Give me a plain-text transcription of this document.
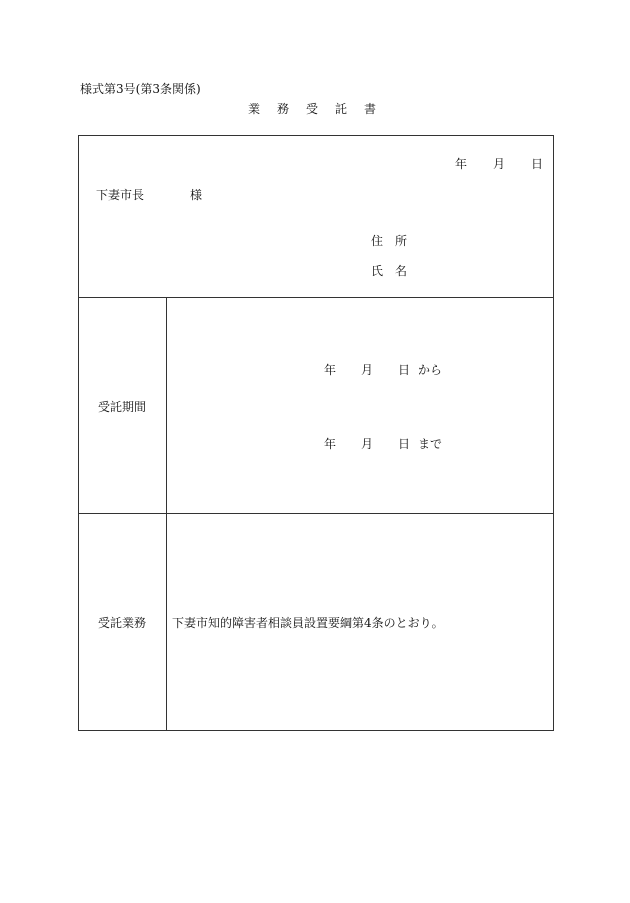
様式第3号(第3条関係)
業務受託書
年 月 日
下妻市長	様
住所
氏名
受託期間
年 月 日 から
年 月 日 まで
受託業務 下妻市知的障害者相談員設置要綱第4条のとおり。
